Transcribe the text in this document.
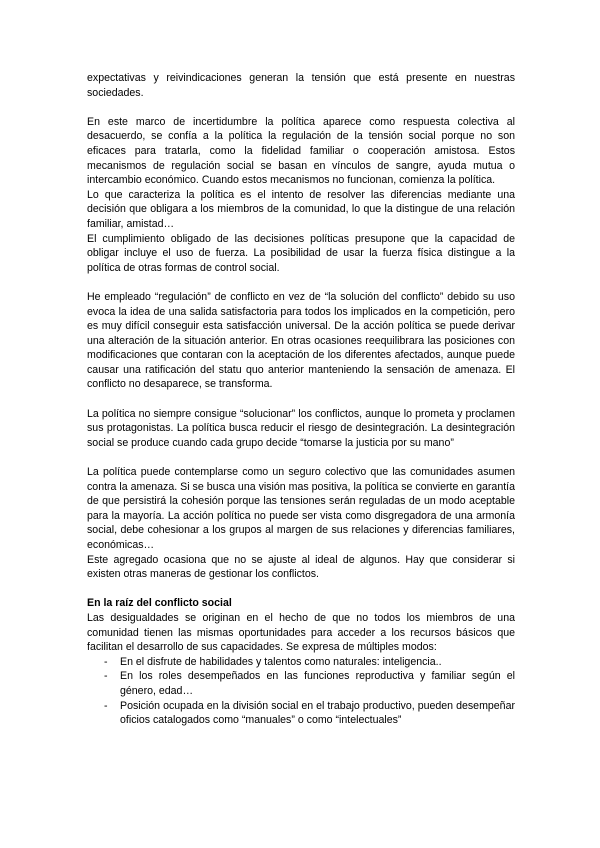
expectativas y reivindicaciones generan la tensión que está presente en nuestras sociedades.

En este marco de incertidumbre la política aparece como respuesta colectiva al desacuerdo, se confía a la política la regulación de la tensión social porque no son eficaces para tratarla, como la fidelidad familiar o cooperación amistosa. Estos mecanismos de regulación social se basan en vínculos de sangre, ayuda mutua o intercambio económico. Cuando estos mecanismos no funcionan, comienza la política.

Lo que caracteriza la política es el intento de resolver las diferencias mediante una decisión que obligara a los miembros de la comunidad, lo que la distingue de una relación familiar, amistad…

El cumplimiento obligado de las decisiones políticas presupone que la capacidad de obligar incluye el uso de fuerza. La posibilidad de usar la fuerza física distingue a la política de otras formas de control social.

He empleado “regulación” de conflicto en vez de “la solución del conflicto” debido su uso evoca la idea de una salida satisfactoria para todos los implicados en la competición, pero es muy difícil conseguir esta satisfacción universal. De la acción política se puede derivar una alteración de la situación anterior. En otras ocasiones reequilibrara las posiciones con modificaciones que contaran con la aceptación de los diferentes afectados, aunque puede causar una ratificación del statu quo anterior manteniendo la sensación de amenaza. El conflicto no desaparece, se transforma.

La política no siempre consigue “solucionar” los conflictos, aunque lo prometa y proclamen sus protagonistas. La política busca reducir el riesgo de desintegración. La desintegración social se produce cuando cada grupo decide “tomarse la justicia por su mano”

La política puede contemplarse como un seguro colectivo que las comunidades asumen contra la amenaza. Si se busca una visión mas positiva, la política se convierte en garantía de que persistirá la cohesión porque las tensiones serán reguladas de un modo aceptable para la mayoría. La acción política no puede ser vista como disgregadora de una armonía social, debe cohesionar a los grupos al margen de sus relaciones y diferencias familiares, económicas…

Este agregado ocasiona que no se ajuste al ideal de algunos. Hay que considerar si existen otras maneras de gestionar los conflictos.

En la raíz del conflicto social

Las desigualdades se originan en el hecho de que no todos los miembros de una comunidad tienen las mismas oportunidades para acceder a los recursos básicos que facilitan el desarrollo de sus capacidades. Se expresa de múltiples modos:

- En el disfrute de habilidades y talentos como naturales: inteligencia..
- En los roles desempeñados en las funciones reproductiva y familiar según el género, edad…
- Posición ocupada en la división social en el trabajo productivo, pueden desempeñar oficios catalogados como “manuales” o como “intelectuales”
